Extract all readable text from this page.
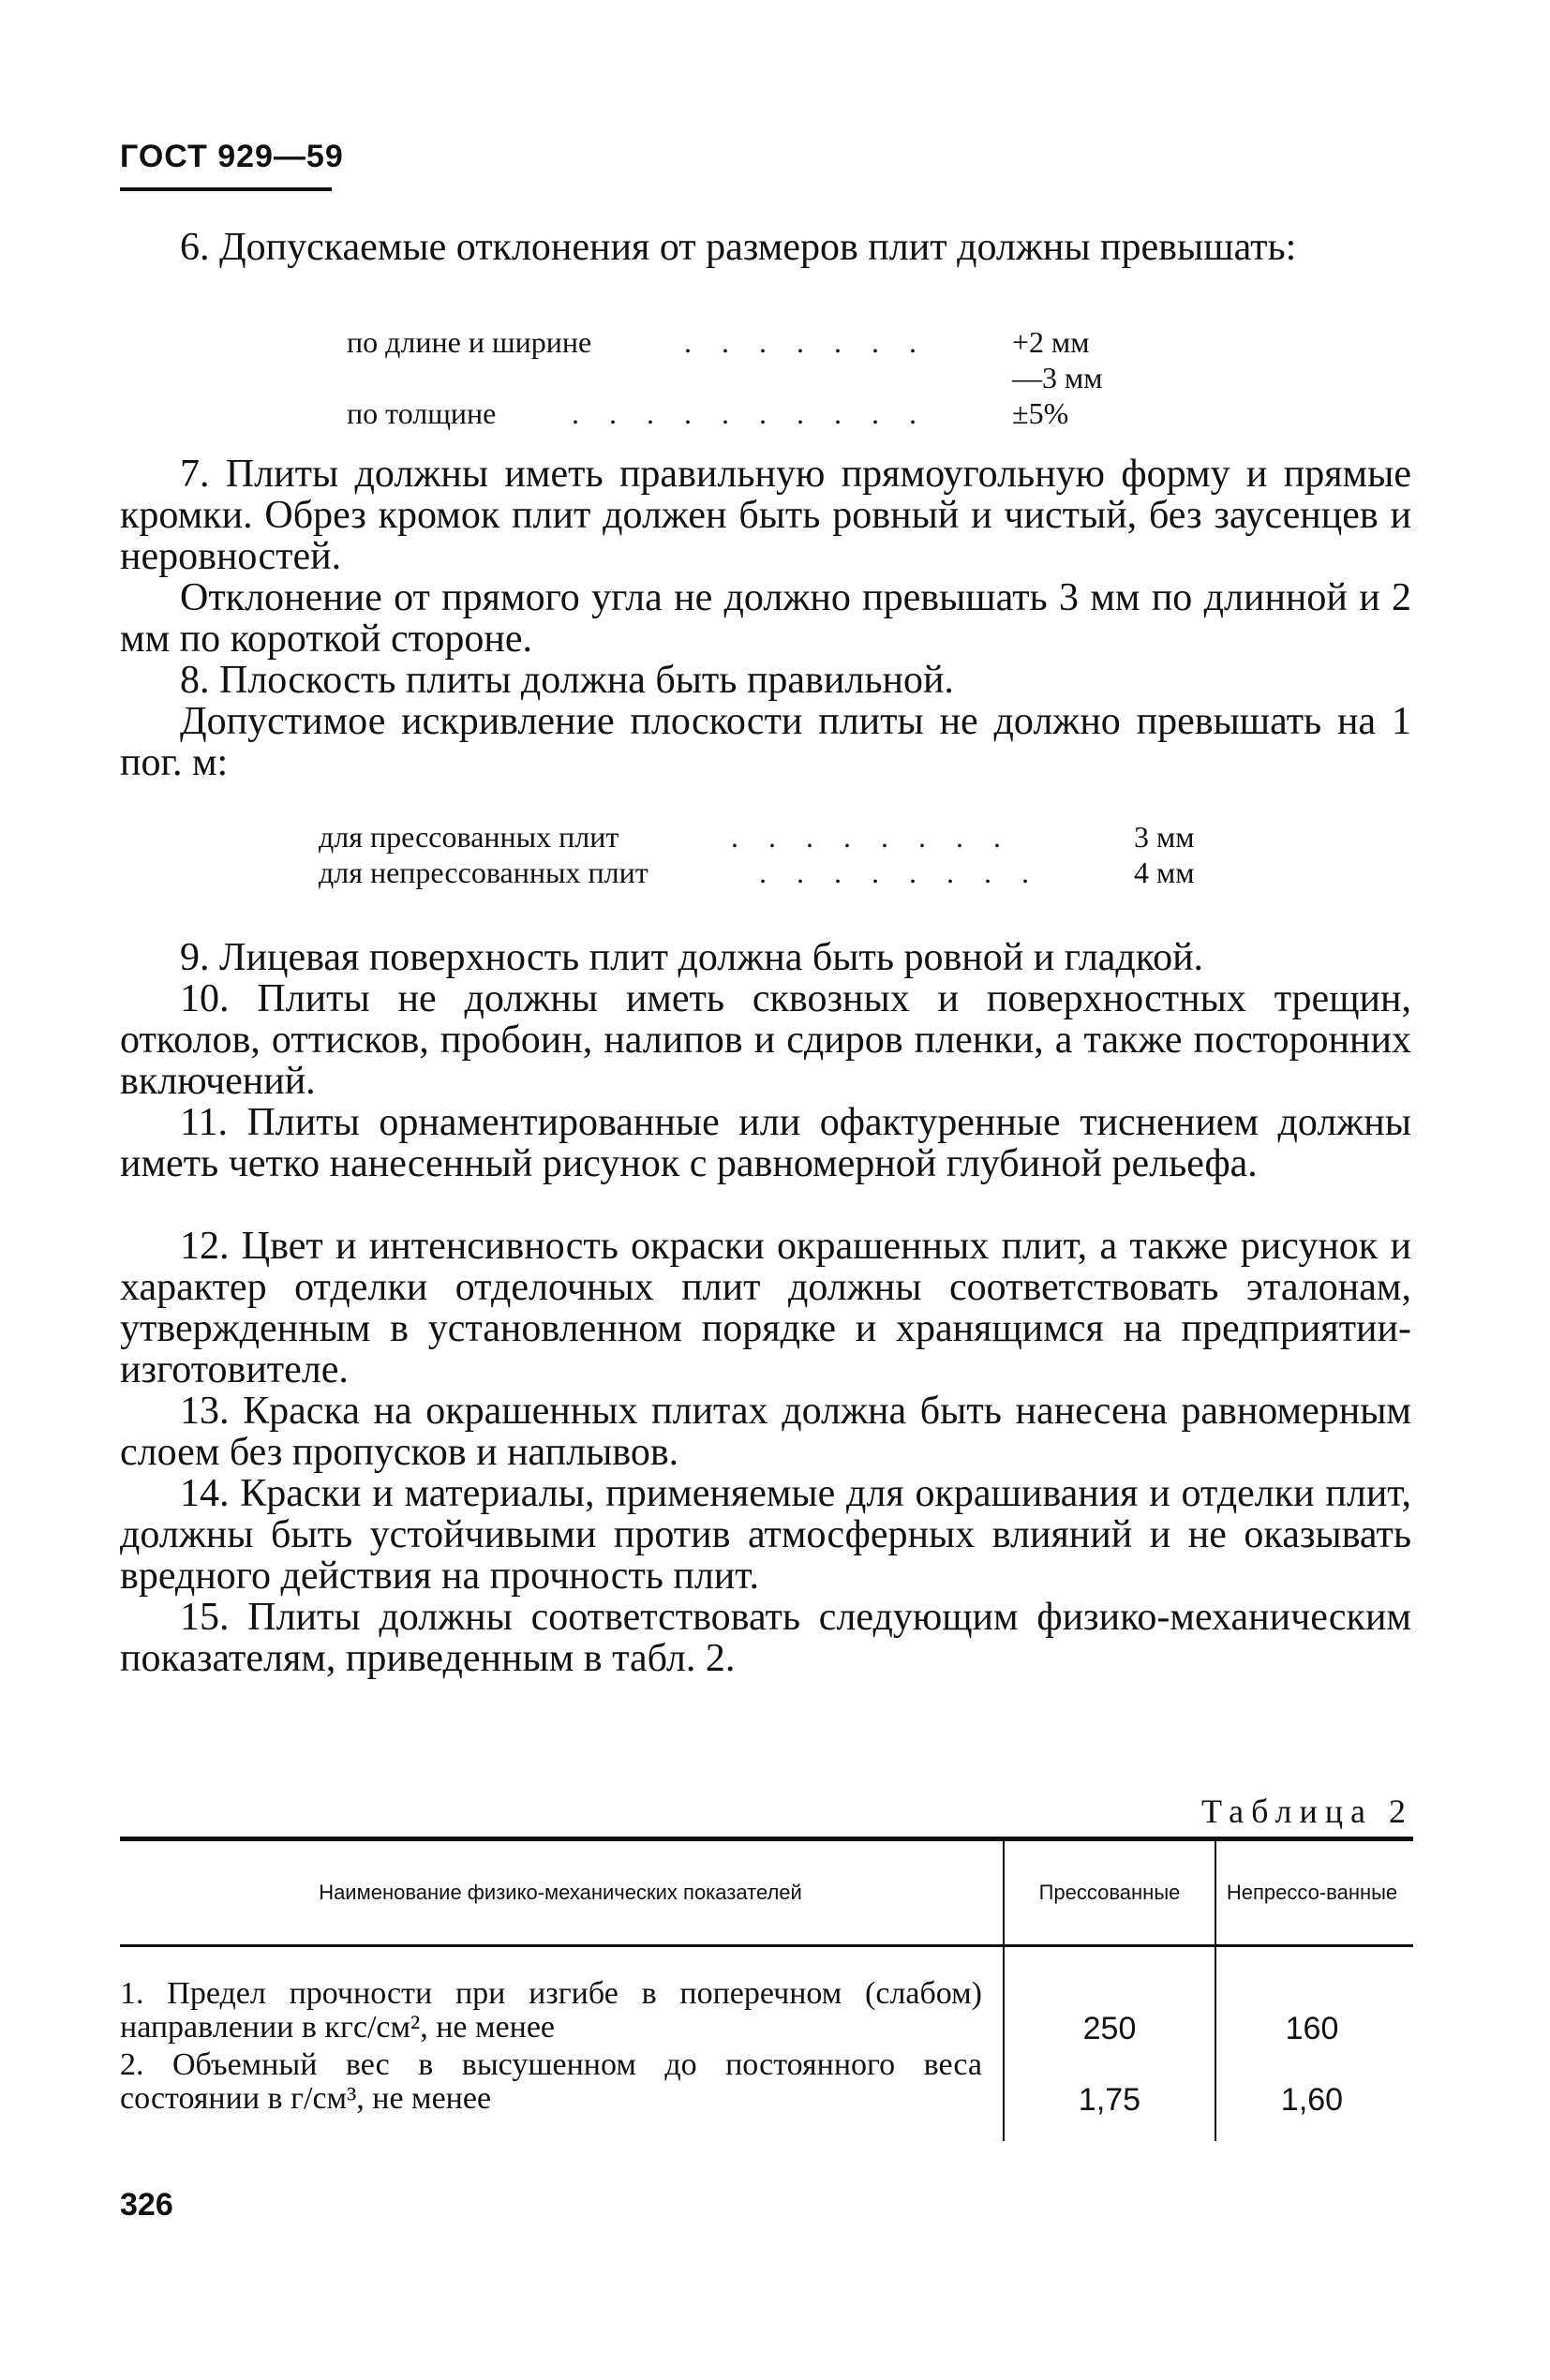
ГОСТ 929—59
6. Допускаемые отклонения от размеров плит должны превышать:
по длине и ширине	. . . . . . .	+2 мм
—3 мм
по толщине	. . . . . . . . . .	±5%
7. Плиты должны иметь правильную прямоугольную форму и прямые кромки. Обрез кромок плит должен быть ровный и чистый, без заусенцев и неровностей.
Отклонение от прямого угла не должно превышать 3 мм по длинной и 2 мм по короткой стороне.
8. Плоскость плиты должна быть правильной.
Допустимое искривление плоскости плиты не должно превышать на 1 пог. м:
для прессованных плит	. . . . . . . .	3 мм
для непрессованных плит	. . . . . . . .	4 мм
9. Лицевая поверхность плит должна быть ровной и гладкой.
10. Плиты не должны иметь сквозных и поверхностных трещин, отколов, оттисков, пробоин, налипов и сдиров пленки, а также посторонних включений.
11. Плиты орнаментированные или офактуренные тиснением должны иметь четко нанесенный рисунок с равномерной глубиной рельефа.
12. Цвет и интенсивность окраски окрашенных плит, а также рисунок и характер отделки отделочных плит должны соответствовать эталонам, утвержденным в установленном порядке и хранящимся на предприятии-изготовителе.
13. Краска на окрашенных плитах должна быть нанесена равномерным слоем без пропусков и наплывов.
14. Краски и материалы, применяемые для окрашивания и отделки плит, должны быть устойчивыми против атмосферных влияний и не оказывать вредного действия на прочность плит.
15. Плиты должны соответствовать следующим физико-механическим показателям, приведенным в табл. 2.
Таблица 2
Наименование физико-механических показателей	Прессованные	Непрессо-ванные
1. Предел прочности при изгибе в поперечном (слабом) направлении в кгс/см², не менее	250	160
2. Объемный вес в высушенном до постоянного веса состоянии в г/см³, не менее	1,75	1,60
326
